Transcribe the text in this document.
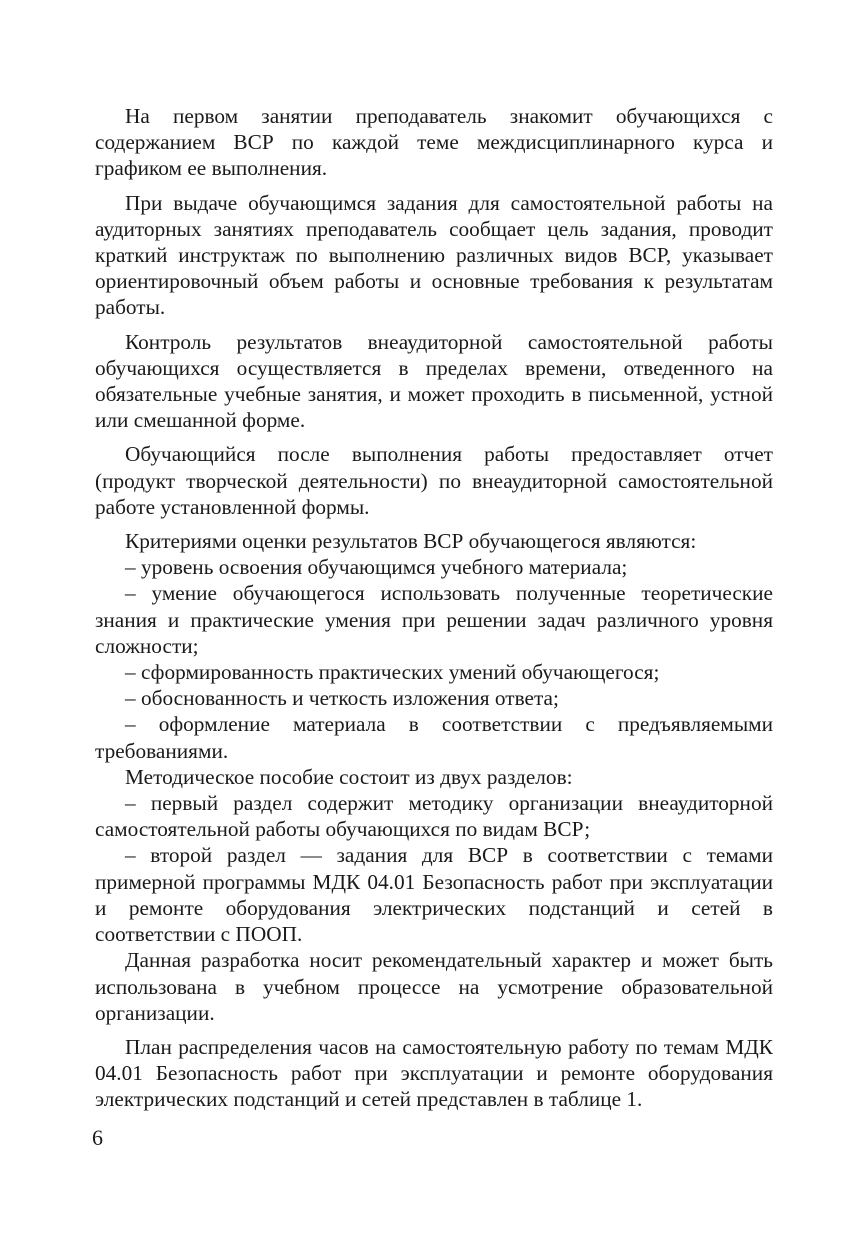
На первом занятии преподаватель знакомит обучающихся с содержанием ВСР по каждой теме междисциплинарного курса и графиком ее выполнения.

При выдаче обучающимся задания для самостоятельной работы на аудиторных занятиях преподаватель сообщает цель задания, проводит краткий инструктаж по выполнению различных видов ВСР, указывает ориентировочный объем работы и основные требования к результатам работы.

Контроль результатов внеаудиторной самостоятельной работы обучающихся осуществляется в пределах времени, отведенного на обязательные учебные занятия, и может проходить в письменной, устной или смешанной форме.

Обучающийся после выполнения работы предоставляет отчет (продукт творческой деятельности) по внеаудиторной самостоятельной работе установленной формы.

Критериями оценки результатов ВСР обучающегося являются:

– уровень освоения обучающимся учебного материала;

– умение обучающегося использовать полученные теоретические знания и практические умения при решении задач различного уровня сложности;

– сформированность практических умений обучающегося;

– обоснованность и четкость изложения ответа;

– оформление материала в соответствии с предъявляемыми требованиями.

Методическое пособие состоит из двух разделов:

– первый раздел содержит методику организации внеаудиторной самостоятельной работы обучающихся по видам ВСР;

– второй раздел — задания для ВСР в соответствии с темами примерной программы МДК 04.01 Безопасность работ при эксплуатации и ремонте оборудования электрических подстанций и сетей в соответствии с ПООП.

Данная разработка носит рекомендательный характер и может быть использована в учебном процессе на усмотрение образовательной организации.

План распределения часов на самостоятельную работу по темам МДК 04.01 Безопасность работ при эксплуатации и ремонте оборудования электрических подстанций и сетей представлен в таблице 1.

6
